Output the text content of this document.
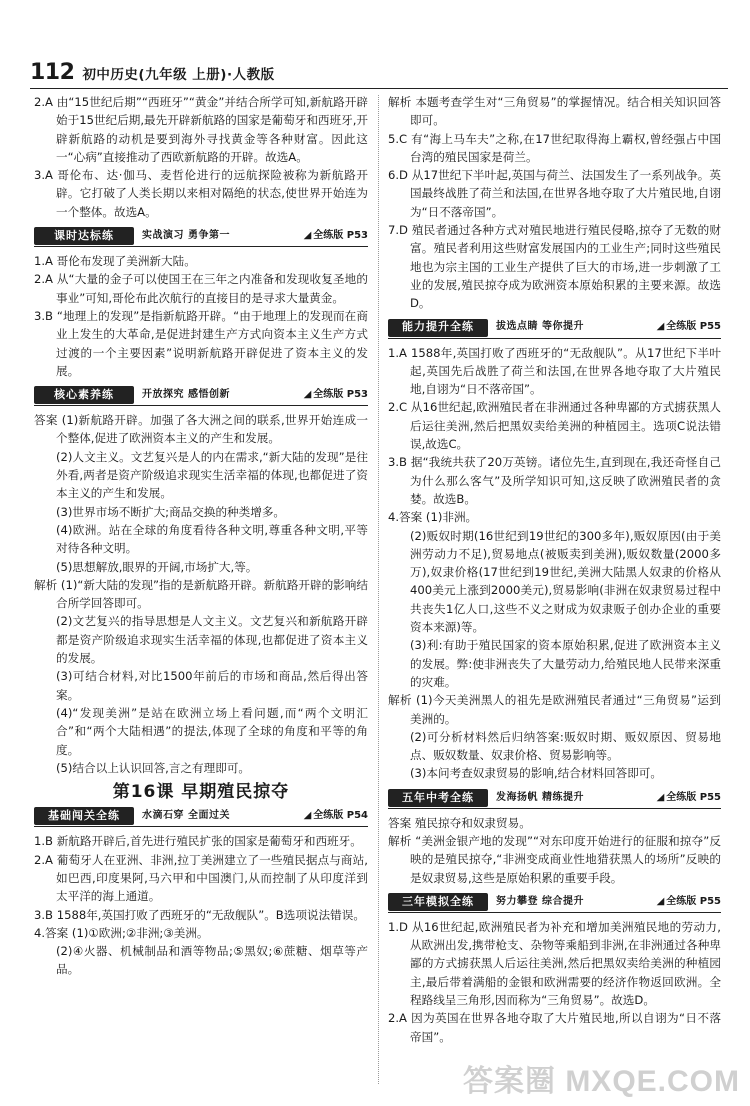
112 初中历史(九年级 上册)·人教版
2.A 由“15世纪后期”“西班牙”“黄金”并结合所学可知,新航路开辟始于15世纪后期,最先开辟新航路的国家是葡萄牙和西班牙,开辟新航路的动机是要到海外寻找黄金等各种财富。因此这一“心病”直接推动了西欧新航路的开辟。故选A。
3.A 哥伦布、达·伽马、麦哲伦进行的远航探险被称为新航路开辟。它打破了人类长期以来相对隔绝的状态,使世界开始连为一个整体。故选A。
课时达标练	实战演习 勇争第一	◢ 全练版 P53
1.A 哥伦布发现了美洲新大陆。
2.A 从“大量的金子可以使国王在三年之内准备和发现收复圣地的事业”可知,哥伦布此次航行的直接目的是寻求大量黄金。
3.B “地理上的发现”是指新航路开辟。“由于地理上的发现而在商业上发生的大革命,是促进封建生产方式向资本主义生产方式过渡的一个主要因素”说明新航路开辟促进了资本主义的发展。
核心素养练	开放探究 感悟创新	◢ 全练版 P53
答案 (1)新航路开辟。加强了各大洲之间的联系,世界开始连成一个整体,促进了欧洲资本主义的产生和发展。
(2)人文主义。文艺复兴是人的内在需求,“新大陆的发现”是往外看,两者是资产阶级追求现实生活幸福的体现,也都促进了资本主义的产生和发展。
(3)世界市场不断扩大;商品交换的种类增多。
(4)欧洲。站在全球的角度看待各种文明,尊重各种文明,平等对待各种文明。
(5)思想解放,眼界的开阔,市场扩大,等。
解析 (1)“新大陆的发现”指的是新航路开辟。新航路开辟的影响结合所学回答即可。
(2)文艺复兴的指导思想是人文主义。文艺复兴和新航路开辟都是资产阶级追求现实生活幸福的体现,也都促进了资本主义的发展。
(3)可结合材料,对比1500年前后的市场和商品,然后得出答案。
(4)“发现美洲”是站在欧洲立场上看问题,而“两个文明汇合”和“两个大陆相遇”的提法,体现了全球的角度和平等的角度。
(5)结合以上认识回答,言之有理即可。
第16课 早期殖民掠夺
基础闯关全练	水滴石穿 全面过关	◢ 全练版 P54
1.B 新航路开辟后,首先进行殖民扩张的国家是葡萄牙和西班牙。
2.A 葡萄牙人在亚洲、非洲,拉丁美洲建立了一些殖民据点与商站,如巴西,印度果阿,马六甲和中国澳门,从而控制了从印度洋到太平洋的海上通道。
3.B 1588年,英国打败了西班牙的“无敌舰队”。B选项说法错误。
4.答案 (1)①欧洲;②非洲;③美洲。
(2)④火器、机械制品和酒等物品;⑤黑奴;⑥蔗糖、烟草等产品。
解析 本题考查学生对“三角贸易”的掌握情况。结合相关知识回答即可。
5.C 有“海上马车夫”之称,在17世纪取得海上霸权,曾经强占中国台湾的殖民国家是荷兰。
6.D 从17世纪下半叶起,英国与荷兰、法国发生了一系列战争。英国最终战胜了荷兰和法国,在世界各地夺取了大片殖民地,自诩为“日不落帝国”。
7.D 殖民者通过各种方式对殖民地进行殖民侵略,掠夺了无数的财富。殖民者利用这些财富发展国内的工业生产;同时这些殖民地也为宗主国的工业生产提供了巨大的市场,进一步刺激了工业的发展,殖民掠夺成为欧洲资本原始积累的主要来源。故选D。
能力提升全练	拔选点睛 等你提升	◢ 全练版 P55
1.A 1588年,英国打败了西班牙的“无敌舰队”。从17世纪下半叶起,英国先后战胜了荷兰和法国,在世界各地夺取了大片殖民地,自诩为“日不落帝国”。
2.C 从16世纪起,欧洲殖民者在非洲通过各种卑鄙的方式掳获黑人后运往美洲,然后把黑奴卖给美洲的种植园主。选项C说法错误,故选C。
3.B 据“我统共获了20万英镑。诸位先生,直到现在,我还奇怪自己为什么那么客气”及所学知识可知,这反映了欧洲殖民者的贪婪。故选B。
4.答案 (1)非洲。
(2)贩奴时期(16世纪到19世纪的300多年),贩奴原因(由于美洲劳动力不足),贸易地点(被贩卖到美洲),贩奴数量(2000多万),奴隶价格(17世纪到19世纪,美洲大陆黑人奴隶的价格从400美元上涨到2000美元),贸易影响(非洲在奴隶贸易过程中共丧失1亿人口,这些不义之财成为奴隶贩子创办企业的重要资本来源)等。
(3)利:有助于殖民国家的资本原始积累,促进了欧洲资本主义的发展。弊:使非洲丧失了大量劳动力,给殖民地人民带来深重的灾难。
解析 (1)今天美洲黑人的祖先是欧洲殖民者通过“三角贸易”运到美洲的。
(2)可分析材料然后归纳答案:贩奴时期、贩奴原因、贸易地点、贩奴数量、奴隶价格、贸易影响等。
(3)本问考查奴隶贸易的影响,结合材料回答即可。
五年中考全练	发海扬帆 精练提升	◢ 全练版 P55
答案 殖民掠夺和奴隶贸易。
解析 “美洲金银产地的发现”“对东印度开始进行的征服和掠夺”反映的是殖民掠夺,“非洲变成商业性地猎获黑人的场所”反映的是奴隶贸易,这些是原始积累的重要手段。
三年模拟全练	努力攀登 综合提升	◢ 全练版 P55
1.D 从16世纪起,欧洲殖民者为补充和增加美洲殖民地的劳动力,从欧洲出发,携带枪支、杂物等乘船到非洲,在非洲通过各种卑鄙的方式掳获黑人后运往美洲,然后把黑奴卖给美洲的种植园主,最后带着满船的金银和欧洲需要的经济作物返回欧洲。全程路线呈三角形,因而称为“三角贸易”。故选D。
2.A 因为英国在世界各地夺取了大片殖民地,所以自诩为“日不落帝国”。
答案圈 MXQE.COM
